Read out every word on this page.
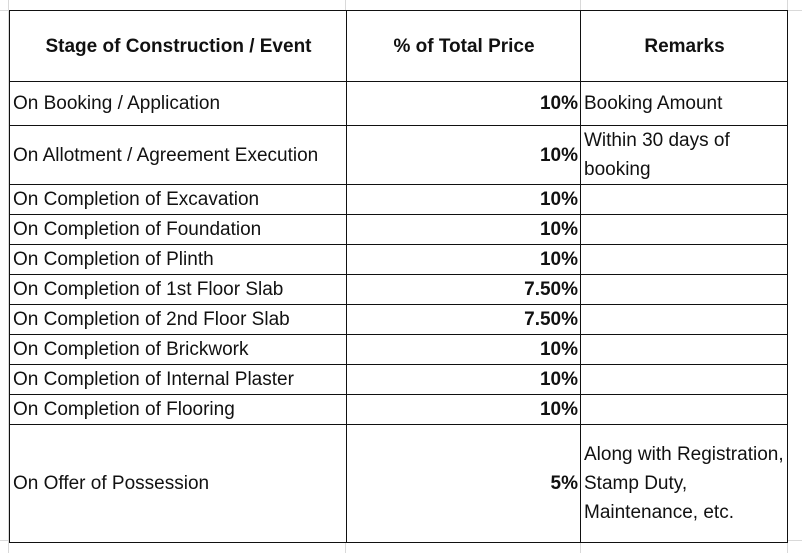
Stage of Construction / Event	% of Total Price	Remarks
On Booking / Application	10%	Booking Amount
On Allotment / Agreement Execution	10%	Within 30 days of booking
On Completion of Excavation	10%	
On Completion of Foundation	10%	
On Completion of Plinth	10%	
On Completion of 1st Floor Slab	7.50%	
On Completion of 2nd Floor Slab	7.50%	
On Completion of Brickwork	10%	
On Completion of Internal Plaster	10%	
On Completion of Flooring	10%	
On Offer of Possession	5%	Along with Registration, Stamp Duty, Maintenance, etc.
